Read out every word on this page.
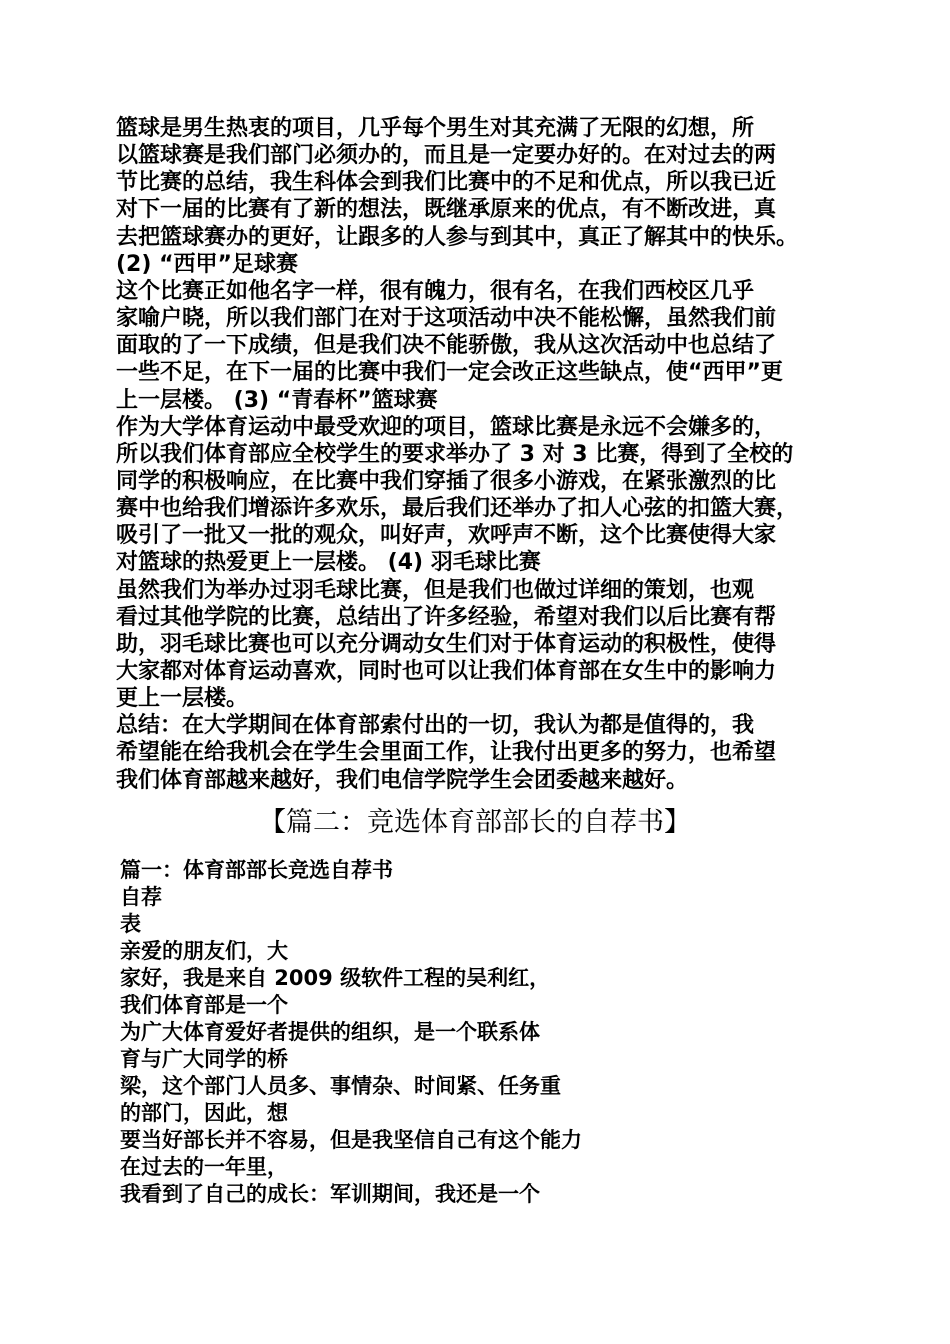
篮球是男生热衷的项目，几乎每个男生对其充满了无限的幻想，所
以篮球赛是我们部门必须办的，而且是一定要办好的。在对过去的两
节比赛的总结，我生科体会到我们比赛中的不足和优点，所以我已近
对下一届的比赛有了新的想法，既继承原来的优点，有不断改进，真
去把篮球赛办的更好，让跟多的人参与到其中，真正了解其中的快乐。
(2) “西甲”足球赛
这个比赛正如他名字一样，很有魄力，很有名，在我们西校区几乎
家喻户晓，所以我们部门在对于这项活动中决不能松懈，虽然我们前
面取的了一下成绩，但是我们决不能骄傲，我从这次活动中也总结了
一些不足，在下一届的比赛中我们一定会改正这些缺点，使“西甲”更
上一层楼。 (3) “青春杯”篮球赛
作为大学体育运动中最受欢迎的项目，篮球比赛是永远不会嫌多的，
所以我们体育部应全校学生的要求举办了 3 对 3 比赛，得到了全校的
同学的积极响应，在比赛中我们穿插了很多小游戏，在紧张激烈的比
赛中也给我们增添许多欢乐，最后我们还举办了扣人心弦的扣篮大赛，
吸引了一批又一批的观众，叫好声，欢呼声不断，这个比赛使得大家
对篮球的热爱更上一层楼。 (4) 羽毛球比赛
虽然我们为举办过羽毛球比赛，但是我们也做过详细的策划，也观
看过其他学院的比赛，总结出了许多经验，希望对我们以后比赛有帮
助，羽毛球比赛也可以充分调动女生们对于体育运动的积极性，使得
大家都对体育运动喜欢，同时也可以让我们体育部在女生中的影响力
更上一层楼。
总结：在大学期间在体育部索付出的一切，我认为都是值得的，我
希望能在给我机会在学生会里面工作，让我付出更多的努力，也希望
我们体育部越来越好，我们电信学院学生会团委越来越好。
【篇二：竞选体育部部长的自荐书】
篇一：体育部部长竞选自荐书
自荐
表
亲爱的朋友们，大
家好，我是来自 2009 级软件工程的吴利红，
我们体育部是一个
为广大体育爱好者提供的组织，是一个联系体
育与广大同学的桥
梁，这个部门人员多、事情杂、时间紧、任务重
的部门，因此，想
要当好部长并不容易，但是我坚信自己有这个能力
在过去的一年里，
我看到了自己的成长：军训期间，我还是一个
